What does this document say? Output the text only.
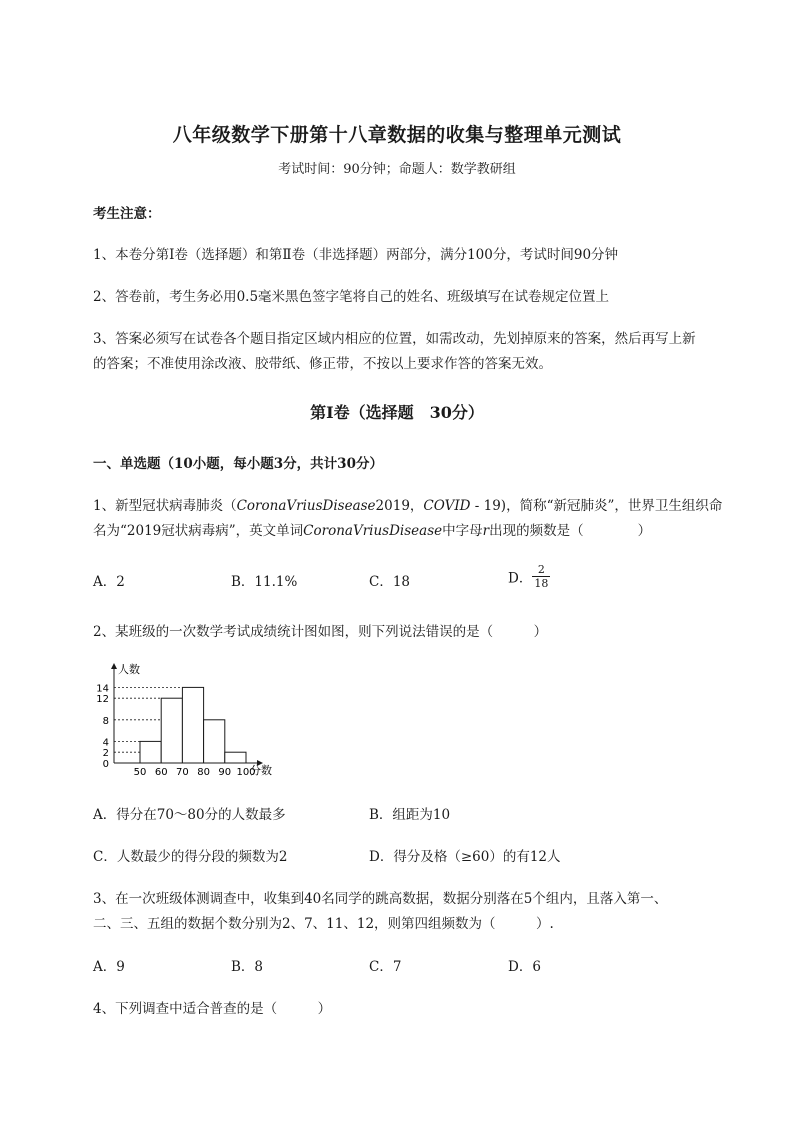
八年级数学下册第十八章数据的收集与整理单元测试
考试时间：90分钟；命题人：数学教研组
考生注意：
1、本卷分第I卷（选择题）和第Ⅱ卷（非选择题）两部分，满分100分，考试时间90分钟
2、答卷前，考生务必用0.5毫米黑色签字笔将自己的姓名、班级填写在试卷规定位置上
3、答案必须写在试卷各个题目指定区域内相应的位置，如需改动，先划掉原来的答案，然后再写上新
的答案；不准使用涂改液、胶带纸、修正带，不按以上要求作答的答案无效。
第I卷（选择题　30分）
一、单选题（10小题，每小题3分，共计30分）
1、新型冠状病毒肺炎（CoronaVriusDisease2019，COVID - 19)，简称“新冠肺炎”，世界卫生组织命
名为“2019冠状病毒病”，英文单词CoronaVriusDisease中字母r出现的频数是（　　　　）
A．2	B．11.1%	C．18	D． $\frac{2}{18}$
2、某班级的一次数学考试成绩统计图如图，则下列说法错误的是（　　　）
人数
分数
0
2
4
8
12
14
50 60 70 80 90 100
A．得分在70～80分的人数最多	B．组距为10
C．人数最少的得分段的频数为2	D．得分及格（≥60）的有12人
3、在一次班级体测调查中，收集到40名同学的跳高数据，数据分别落在5个组内，且落入第一、
二、三、五组的数据个数分别为2、7、11、12，则第四组频数为（　　　）.
A．9	B．8	C．7	D．6
4、下列调查中适合普查的是（　　　）
